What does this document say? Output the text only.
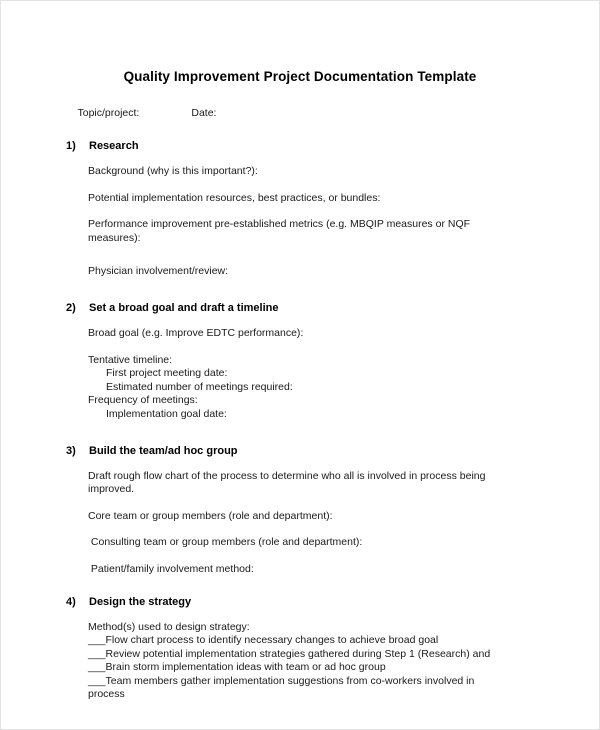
Quality Improvement Project Documentation Template

Topic/project:	Date:

1)	Research
Background (why is this important?):
Potential implementation resources, best practices, or bundles:
Performance improvement pre-established metrics (e.g. MBQIP measures or NQF measures):
Physician involvement/review:
2)	Set a broad goal and draft a timeline
Broad goal (e.g. Improve EDTC performance):
Tentative timeline:
First project meeting date:
Estimated number of meetings required:
Frequency of meetings:
Implementation goal date:
3)	Build the team/ad hoc group
Draft rough flow chart of the process to determine who all is involved in process being improved.
Core team or group members (role and department):
Consulting team or group members (role and department):
Patient/family involvement method:
4)	Design the strategy
Method(s) used to design strategy:
___Flow chart process to identify necessary changes to achieve broad goal
___Review potential implementation strategies gathered during Step 1 (Research) and
___Brain storm implementation ideas with team or ad hoc group
___Team members gather implementation suggestions from co-workers involved in process
